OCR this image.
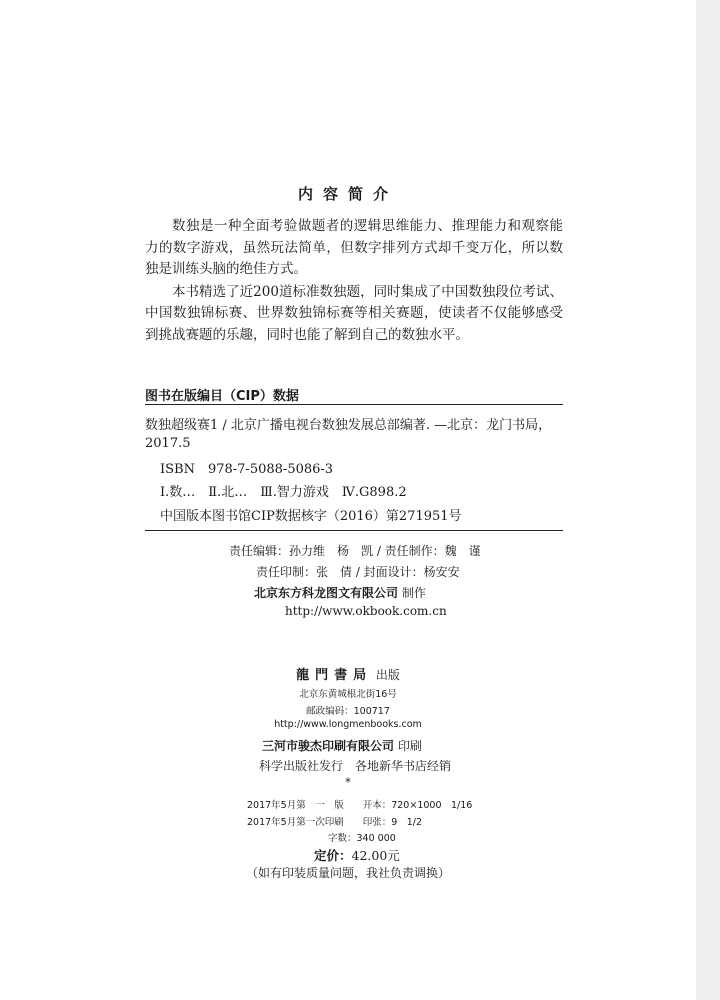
内容简介

数独是一种全面考验做题者的逻辑思维能力、推理能力和观察能力的数字游戏，虽然玩法简单，但数字排列方式却千变万化，所以数独是训练头脑的绝佳方式。

本书精选了近200道标准数独题，同时集成了中国数独段位考试、中国数独锦标赛、世界数独锦标赛等相关赛题，使读者不仅能够感受到挑战赛题的乐趣，同时也能了解到自己的数独水平。

图书在版编目（CIP）数据
数独超级赛1 / 北京广播电视台数独发展总部编著. —北京：龙门书局，
2017.5
ISBN　978-7-5088-5086-3
Ⅰ.数…　Ⅱ.北…　Ⅲ.智力游戏　Ⅳ.G898.2
中国版本图书馆CIP数据核字（2016）第271951号
责任编辑：孙力维　杨　凯 / 责任制作：魏　谨
责任印制：张　倩 / 封面设计：杨安安
北京东方科龙图文有限公司 制作
http://www.okbook.com.cn
龍門書局 出版
北京东黄城根北街16号
邮政编码：100717
http://www.longmenbooks.com
三河市骏杰印刷有限公司 印刷
科学出版社发行　各地新华书店经销
*
2017年5月第　一　版　　开本：720×1000　1/16
2017年5月第一次印刷　　印张：9　1/2
字数：340 000
定价：42.00元
（如有印装质量问题，我社负责调换）
